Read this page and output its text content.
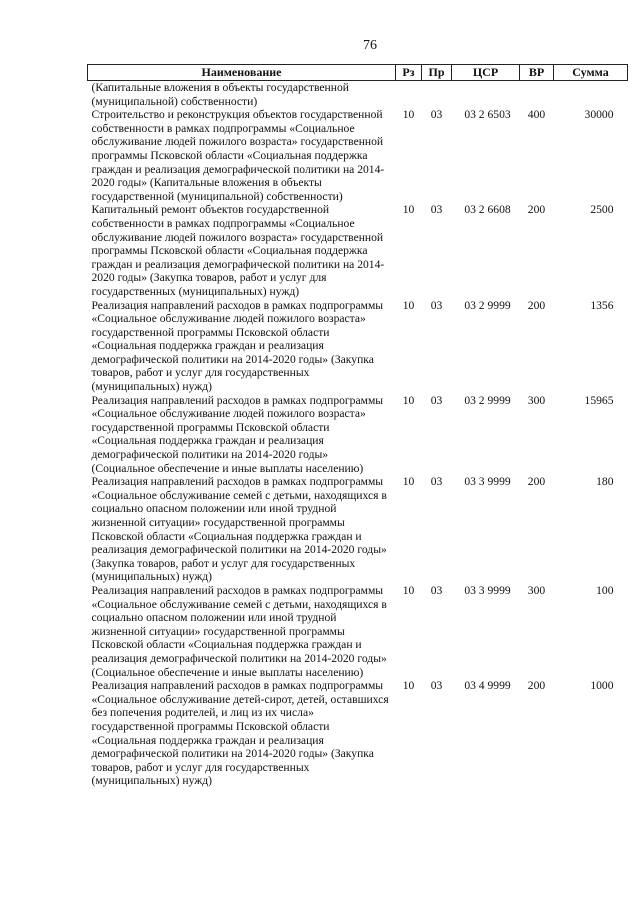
76
Наименование	Рз	Пр	ЦСР	ВР	Сумма
(Капитальные вложения в объекты государственной (муниципальной) собственности)					
Строительство и реконструкция объектов государственной собственности в рамках подпрограммы «Социальное обслуживание людей пожилого возраста» государственной программы Псковской области «Социальная поддержка граждан и реализация демографической политики на 2014-2020 годы» (Капитальные вложения в объекты государственной (муниципальной) собственности)	10	03	03 2 6503	400	30000
Капитальный ремонт объектов государственной собственности в рамках подпрограммы «Социальное обслуживание людей пожилого возраста» государственной программы Псковской области «Социальная поддержка граждан и реализация демографической политики на 2014-2020 годы» (Закупка товаров, работ и услуг для государственных (муниципальных) нужд)	10	03	03 2 6608	200	2500
Реализация направлений расходов в рамках подпрограммы «Социальное обслуживание людей пожилого возраста» государственной программы Псковской области «Социальная поддержка граждан и реализация демографической политики на 2014-2020 годы» (Закупка товаров, работ и услуг для государственных (муниципальных) нужд)	10	03	03 2 9999	200	1356
Реализация направлений расходов в рамках подпрограммы «Социальное обслуживание людей пожилого возраста» государственной программы Псковской области «Социальная поддержка граждан и реализация демографической политики на 2014-2020 годы» (Социальное обеспечение и иные выплаты населению)	10	03	03 2 9999	300	15965
Реализация направлений расходов в рамках подпрограммы «Социальное обслуживание семей с детьми, находящихся в социально опасном положении или иной трудной жизненной ситуации» государственной программы Псковской области «Социальная поддержка граждан и реализация демографической политики на 2014-2020 годы» (Закупка товаров, работ и услуг для государственных (муниципальных) нужд)	10	03	03 3 9999	200	180
Реализация направлений расходов в рамках подпрограммы «Социальное обслуживание семей с детьми, находящихся в социально опасном положении или иной трудной жизненной ситуации» государственной программы Псковской области «Социальная поддержка граждан и реализация демографической политики на 2014-2020 годы» (Социальное обеспечение и иные выплаты населению)	10	03	03 3 9999	300	100
Реализация направлений расходов в рамках подпрограммы «Социальное обслуживание детей-сирот, детей, оставшихся без попечения родителей, и лиц из их числа» государственной программы Псковской области «Социальная поддержка граждан и реализация демографической политики на 2014-2020 годы» (Закупка товаров, работ и услуг для государственных (муниципальных) нужд)	10	03	03 4 9999	200	1000
